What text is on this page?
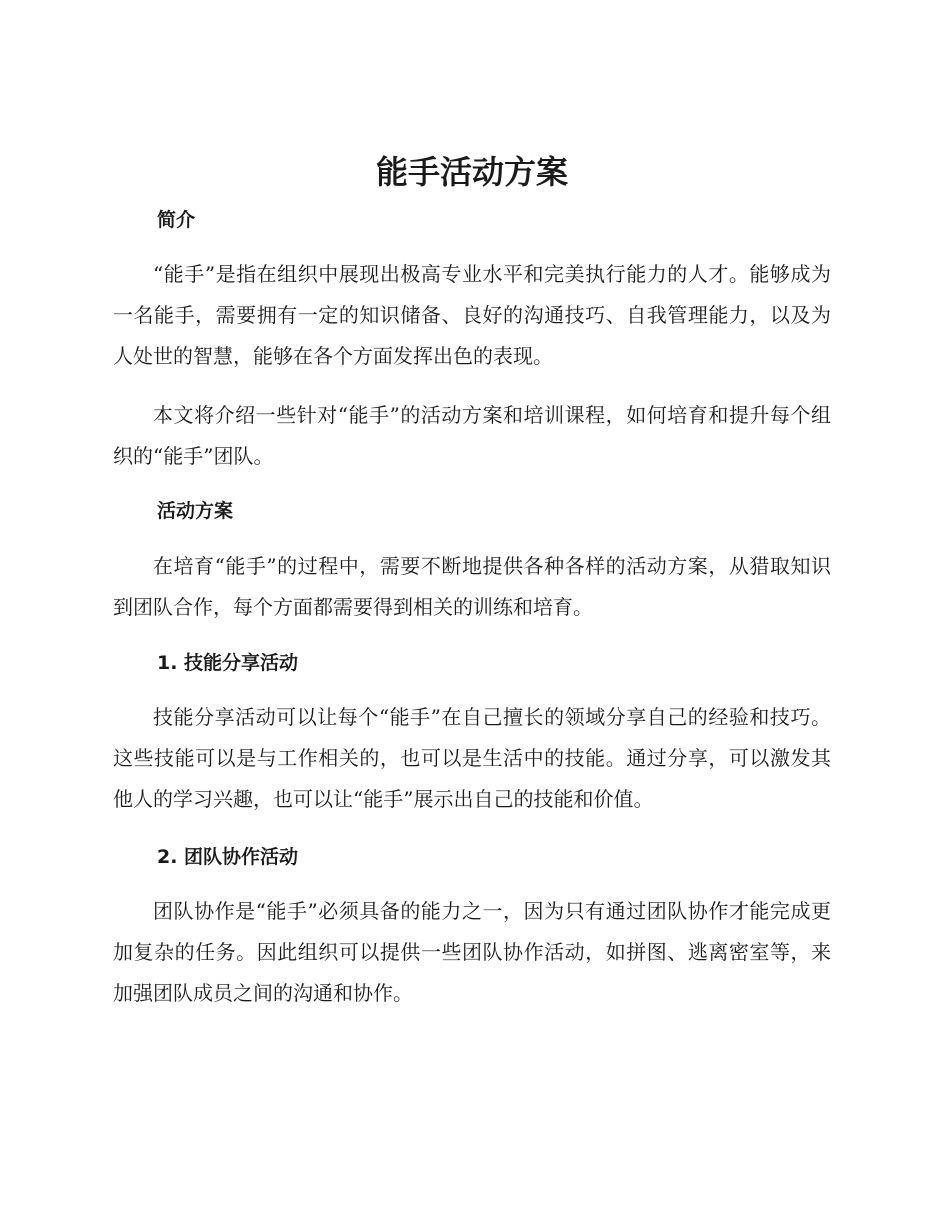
能手活动方案
简介

“能手”是指在组织中展现出极高专业水平和完美执行能力的人才。能够成为一名能手，需要拥有一定的知识储备、良好的沟通技巧、自我管理能力，以及为人处世的智慧，能够在各个方面发挥出色的表现。

本文将介绍一些针对“能手”的活动方案和培训课程，如何培育和提升每个组织的“能手”团队。

活动方案

在培育“能手”的过程中，需要不断地提供各种各样的活动方案，从猎取知识到团队合作，每个方面都需要得到相关的训练和培育。

1. 技能分享活动

技能分享活动可以让每个“能手”在自己擅长的领域分享自己的经验和技巧。这些技能可以是与工作相关的，也可以是生活中的技能。通过分享，可以激发其他人的学习兴趣，也可以让“能手”展示出自己的技能和价值。

2. 团队协作活动

团队协作是“能手”必须具备的能力之一，因为只有通过团队协作才能完成更加复杂的任务。因此组织可以提供一些团队协作活动，如拼图、逃离密室等，来加强团队成员之间的沟通和协作。
